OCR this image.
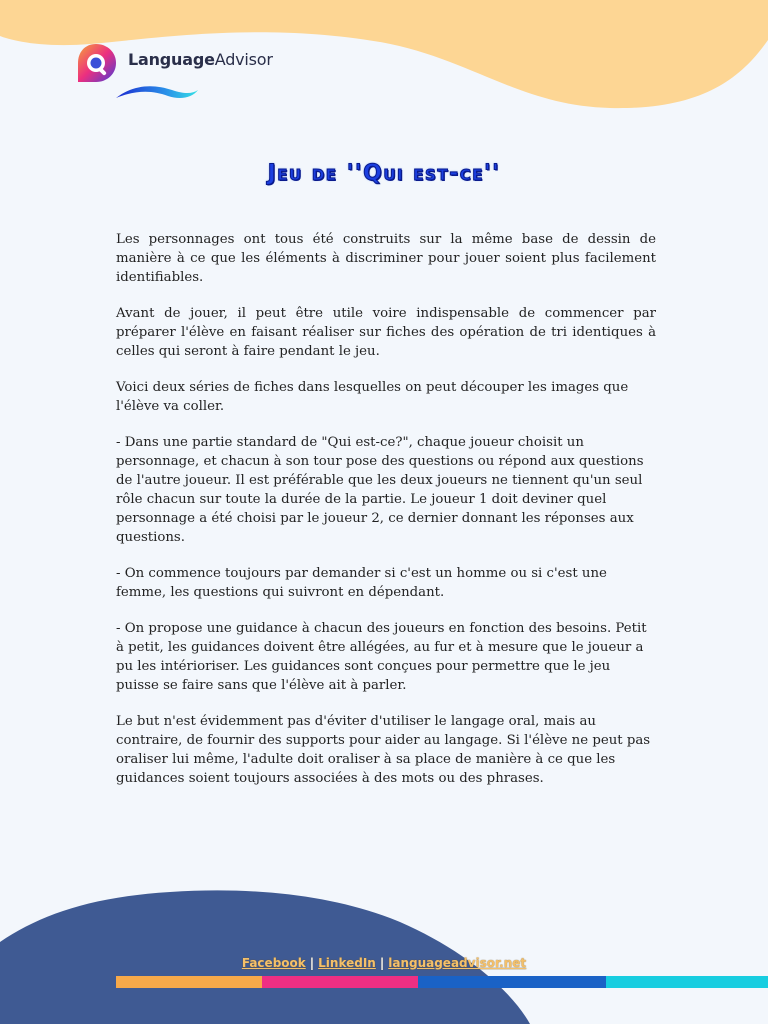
LanguageAdvisor
Jeu de ''Qui est-ce''

Les personnages ont tous été construits sur la même base de dessin de manière à ce que les éléments à discriminer pour jouer soient plus facilement identifiables.

Avant de jouer, il peut être utile voire indispensable de commencer par préparer l'élève en faisant réaliser sur fiches des opération de tri identiques à celles qui seront à faire pendant le jeu.

Voici deux séries de fiches dans lesquelles on peut découper les images que l'élève va coller.

- Dans une partie standard de "Qui est-ce?", chaque joueur choisit un personnage, et chacun à son tour pose des questions ou répond aux questions de l'autre joueur. Il est préférable que les deux joueurs ne tiennent qu'un seul rôle chacun sur toute la durée de la partie. Le joueur 1 doit deviner quel personnage a été choisi par le joueur 2, ce dernier donnant les réponses aux questions.

- On commence toujours par demander si c'est un homme ou si c'est une femme, les questions qui suivront en dépendant.

- On propose une guidance à chacun des joueurs en fonction des besoins. Petit à petit, les guidances doivent être allégées, au fur et à mesure que le joueur a pu les intérioriser. Les guidances sont conçues pour permettre que le jeu puisse se faire sans que l'élève ait à parler.

Le but n'est évidemment pas d'éviter d'utiliser le langage oral, mais au contraire, de fournir des supports pour aider au langage. Si l'élève ne peut pas oraliser lui même, l'adulte doit oraliser à sa place de manière à ce que les guidances soient toujours associées à des mots ou des phrases.

Facebook | LinkedIn | languageadvisor.net
